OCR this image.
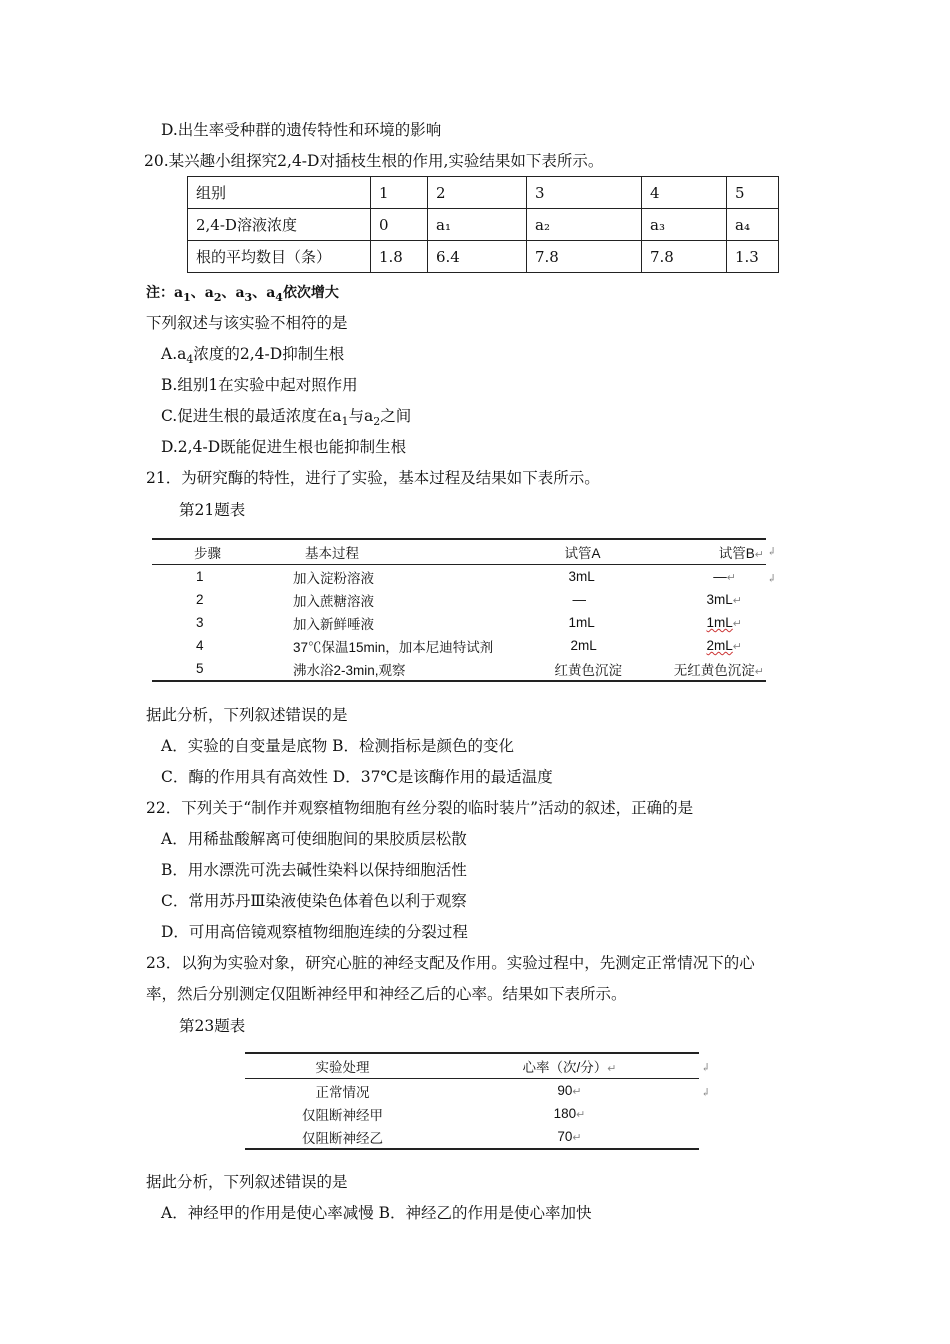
D.出生率受种群的遗传特性和环境的影响
20.某兴趣小组探究2,4-D对插枝生根的作用,实验结果如下表所示。
组别	1	2	3	4	5
2,4-D溶液浓度	0	a₁	a₂	a₃	a₄
根的平均数目（条）	1.8	6.4	7.8	7.8	1.3
注：$a_1$、$a_2$、$a_3$、$a_4$依次增大
下列叙述与该实验不相符的是
$A.a_4$浓度的2,4-D抑制生根
B.组别1在实验中起对照作用
C.促进生根的最适浓度在$a_1$与$a_2$之间
D.2,4-D既能促进生根也能抑制生根
21．为研究酶的特性，进行了实验，基本过程及结果如下表所示。
第21题表
步骤	基本过程	试管A	试管B↵
1	加入淀粉溶液	3mL	—↵
2	加入蔗糖溶液	—	3mL↵
3	加入新鲜唾液	1mL	1mL↵
4	37℃保温15min，加本尼迪特试剂	2mL	2mL↵
5	沸水浴2-3min,观察	红黄色沉淀	无红黄色沉淀↵
↲
↲
据此分析，下列叙述错误的是
A．实验的自变量是底物 B．检测指标是颜色的变化
C．酶的作用具有高效性 D．37℃是该酶作用的最适温度
22．下列关于“制作并观察植物细胞有丝分裂的临时装片”活动的叙述，正确的是
A．用稀盐酸解离可使细胞间的果胶质层松散
B．用水漂洗可洗去碱性染料以保持细胞活性
C．常用苏丹Ⅲ染液使染色体着色以利于观察
D．可用高倍镜观察植物细胞连续的分裂过程
23．以狗为实验对象，研究心脏的神经支配及作用。实验过程中，先测定正常情况下的心
率，然后分别测定仅阻断神经甲和神经乙后的心率。结果如下表所示。
第23题表
实验处理	心率（次/分）↵
正常情况	90↵
仅阻断神经甲	180↵
仅阻断神经乙	70↵
↲
↲
据此分析，下列叙述错误的是
A．神经甲的作用是使心率减慢 B．神经乙的作用是使心率加快
